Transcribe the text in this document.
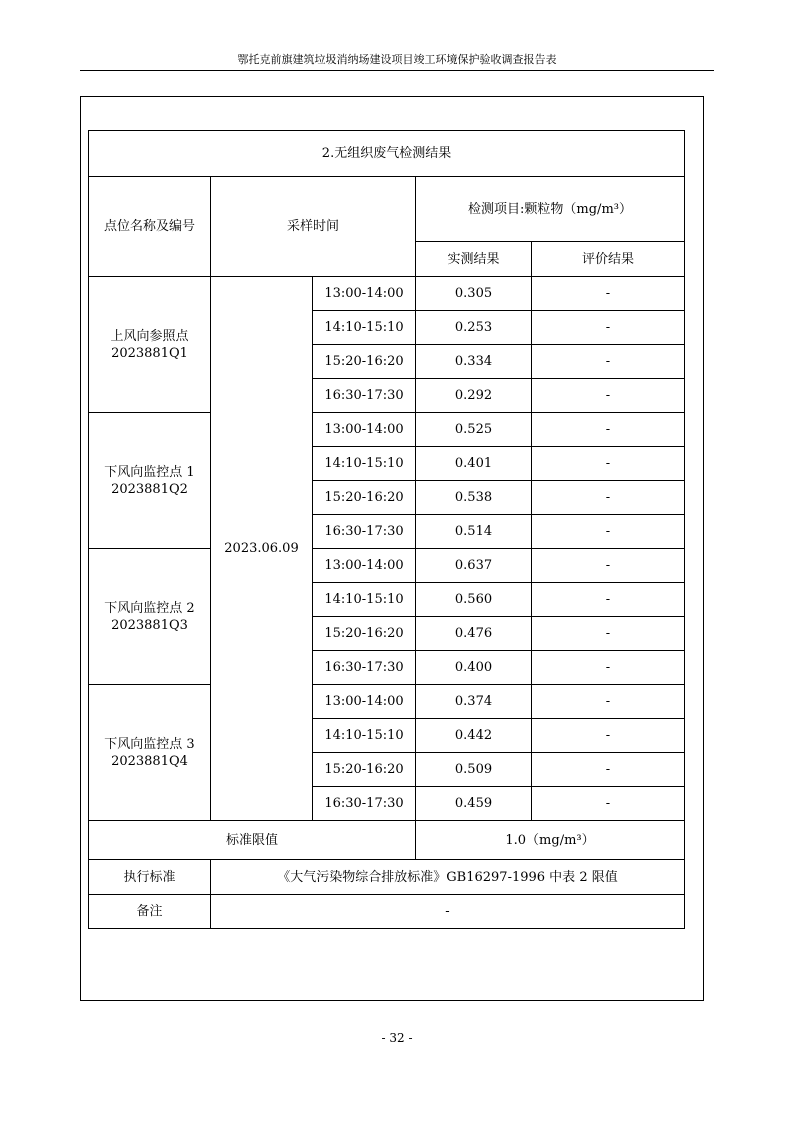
鄂托克前旗建筑垃圾消纳场建设项目竣工环境保护验收调查报告表
2.无组织废气检测结果				
点位名称及编号	采样时间		检测项目:颗粒物（mg/m³）	
			实测结果	评价结果

上风向参照点
2023881Q1	2023.06.09	13:00-14:00	0.305	-
		14:10-15:10	0.253	-
		15:20-16:20	0.334	-
		16:30-17:30	0.292	-

下风向监控点 1
2023881Q2		13:00-14:00	0.525	-
		14:10-15:10	0.401	-
		15:20-16:20	0.538	-
		16:30-17:30	0.514	-

下风向监控点 2
2023881Q3		13:00-14:00	0.637	-
		14:10-15:10	0.560	-
		15:20-16:20	0.476	-
		16:30-17:30	0.400	-

下风向监控点 3
2023881Q4		13:00-14:00	0.374	-
		14:10-15:10	0.442	-
		15:20-16:20	0.509	-
		16:30-17:30	0.459	-
标准限值			1.0（mg/m³）	
执行标准	《大气污染物综合排放标准》GB16297-1996 中表 2 限值			
备注	-			
- 32 -
